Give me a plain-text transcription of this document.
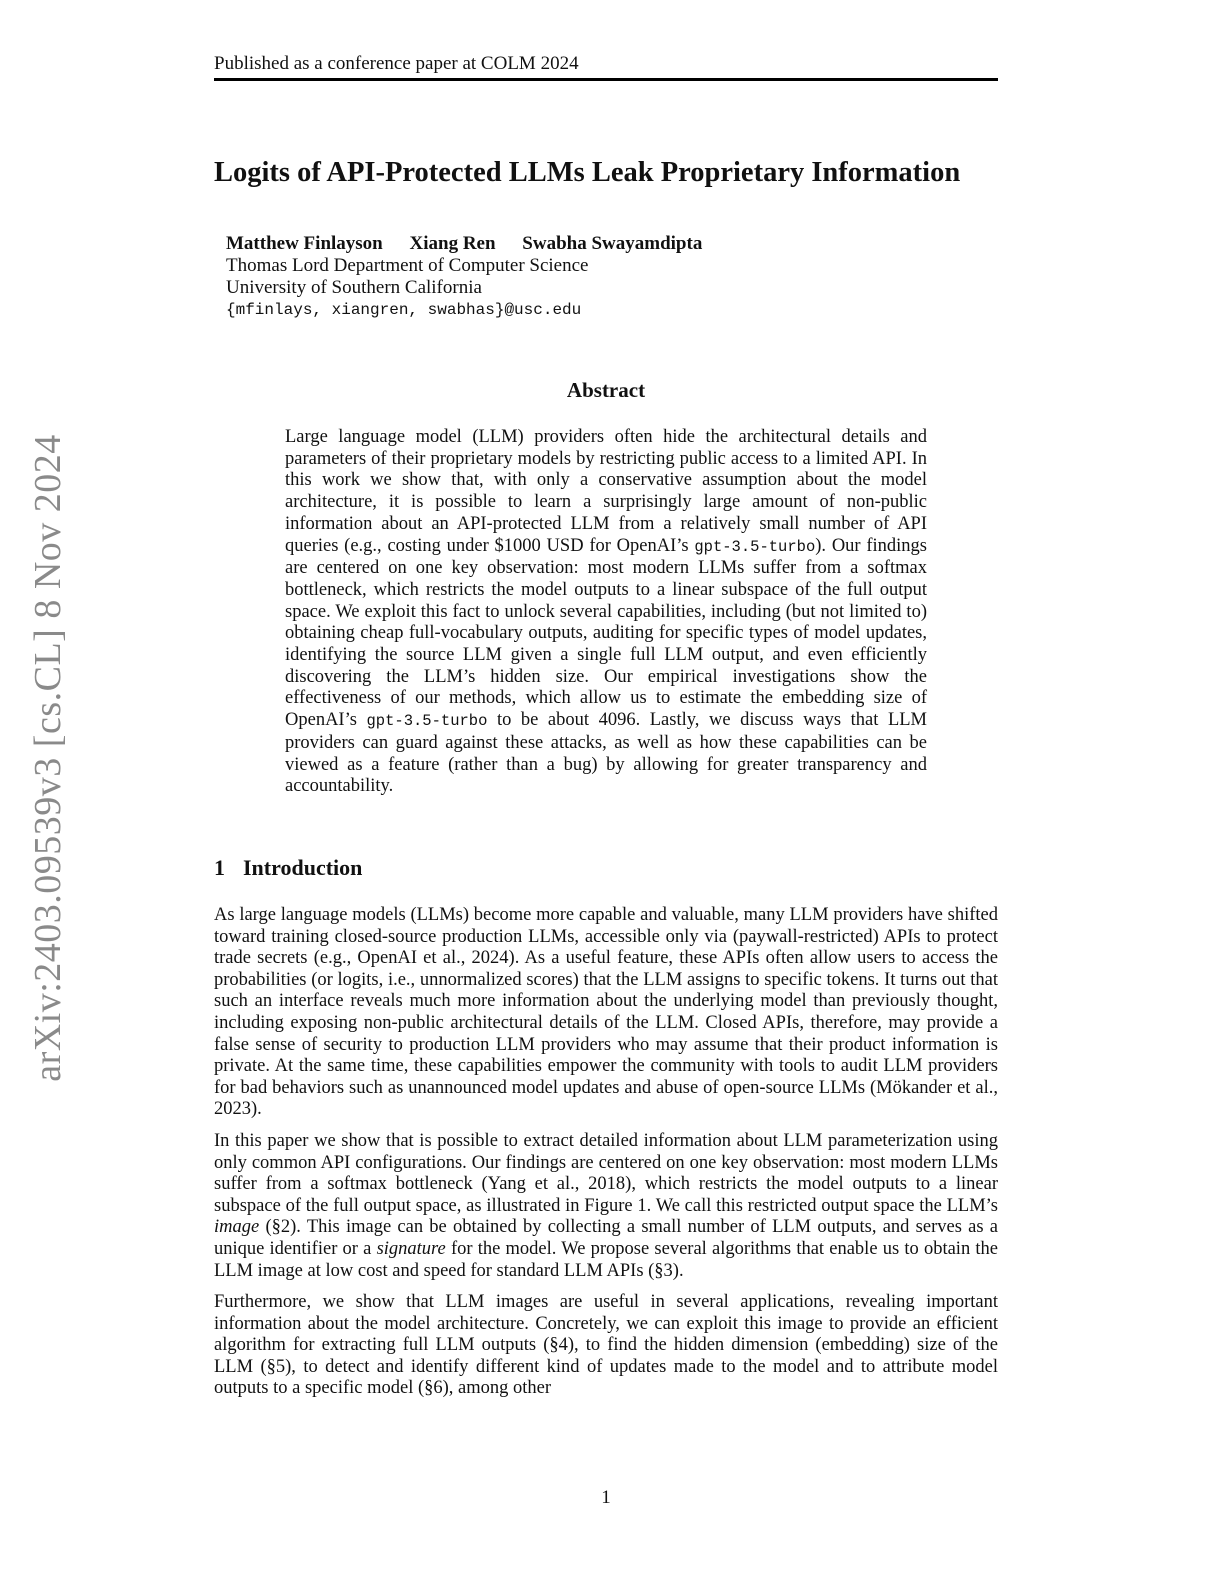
Published as a conference paper at COLM 2024
arXiv:2403.09539v3 [cs.CL] 8 Nov 2024
Logits of API-Protected LLMs Leak Proprietary Information
Matthew Finlayson Xiang Ren Swabha Swayamdipta
Thomas Lord Department of Computer Science
University of Southern California
{mfinlays, xiangren, swabhas}@usc.edu
Abstract

Large language model (LLM) providers often hide the architectural details and parameters of their proprietary models by restricting public access to a limited API. In this work we show that, with only a conservative assumption about the model architecture, it is possible to learn a surprisingly large amount of non-public information about an API-protected LLM from a relatively small number of API queries (e.g., costing under $1000 USD for OpenAI’s gpt-3.5-turbo). Our findings are centered on one key observation: most modern LLMs suffer from a softmax bottleneck, which restricts the model outputs to a linear subspace of the full output space. We exploit this fact to unlock several capabilities, including (but not limited to) obtaining cheap full-vocabulary outputs, auditing for specific types of model updates, identifying the source LLM given a single full LLM output, and even efficiently discovering the LLM’s hidden size. Our empirical investigations show the effectiveness of our methods, which allow us to estimate the embedding size of OpenAI’s gpt-3.5-turbo to be about 4096. Lastly, we discuss ways that LLM providers can guard against these attacks, as well as how these capabilities can be viewed as a feature (rather than a bug) by allowing for greater transparency and accountability.

1 Introduction

As large language models (LLMs) become more capable and valuable, many LLM providers have shifted toward training closed-source production LLMs, accessible only via (paywall-restricted) APIs to protect trade secrets (e.g., OpenAI et al., 2024). As a useful feature, these APIs often allow users to access the probabilities (or logits, i.e., unnormalized scores) that the LLM assigns to specific tokens. It turns out that such an interface reveals much more information about the underlying model than previously thought, including exposing non-public architectural details of the LLM. Closed APIs, therefore, may provide a false sense of security to production LLM providers who may assume that their product information is private. At the same time, these capabilities empower the community with tools to audit LLM providers for bad behaviors such as unannounced model updates and abuse of open-source LLMs (Mökander et al., 2023).

In this paper we show that is possible to extract detailed information about LLM parameterization using only common API configurations. Our findings are centered on one key observation: most modern LLMs suffer from a softmax bottleneck (Yang et al., 2018), which restricts the model outputs to a linear subspace of the full output space, as illustrated in Figure 1. We call this restricted output space the LLM’s image (§2). This image can be obtained by collecting a small number of LLM outputs, and serves as a unique identifier or a signature for the model. We propose several algorithms that enable us to obtain the LLM image at low cost and speed for standard LLM APIs (§3).

Furthermore, we show that LLM images are useful in several applications, revealing important information about the model architecture. Concretely, we can exploit this image to provide an efficient algorithm for extracting full LLM outputs (§4), to find the hidden dimension (embedding) size of the LLM (§5), to detect and identify different kind of updates made to the model and to attribute model outputs to a specific model (§6), among other

1
